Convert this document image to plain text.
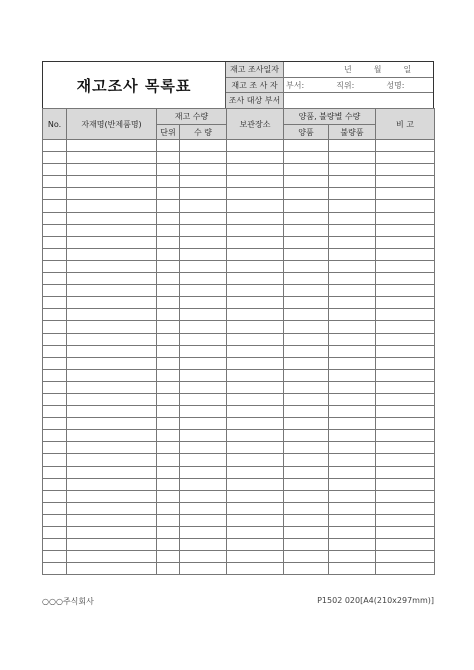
재고조사 목록표
재고 조사일자	년	월	일
재고 조 사 자	부서:	직위:	성명:
조사 대상 부서
No.	자재명(반제품명)	재고 수량		보관장소	양품, 불량별 수량		비 고
		단위	수 량		양품	불량품	

○○○주식회사	P1502 020[A4(210x297mm)]
